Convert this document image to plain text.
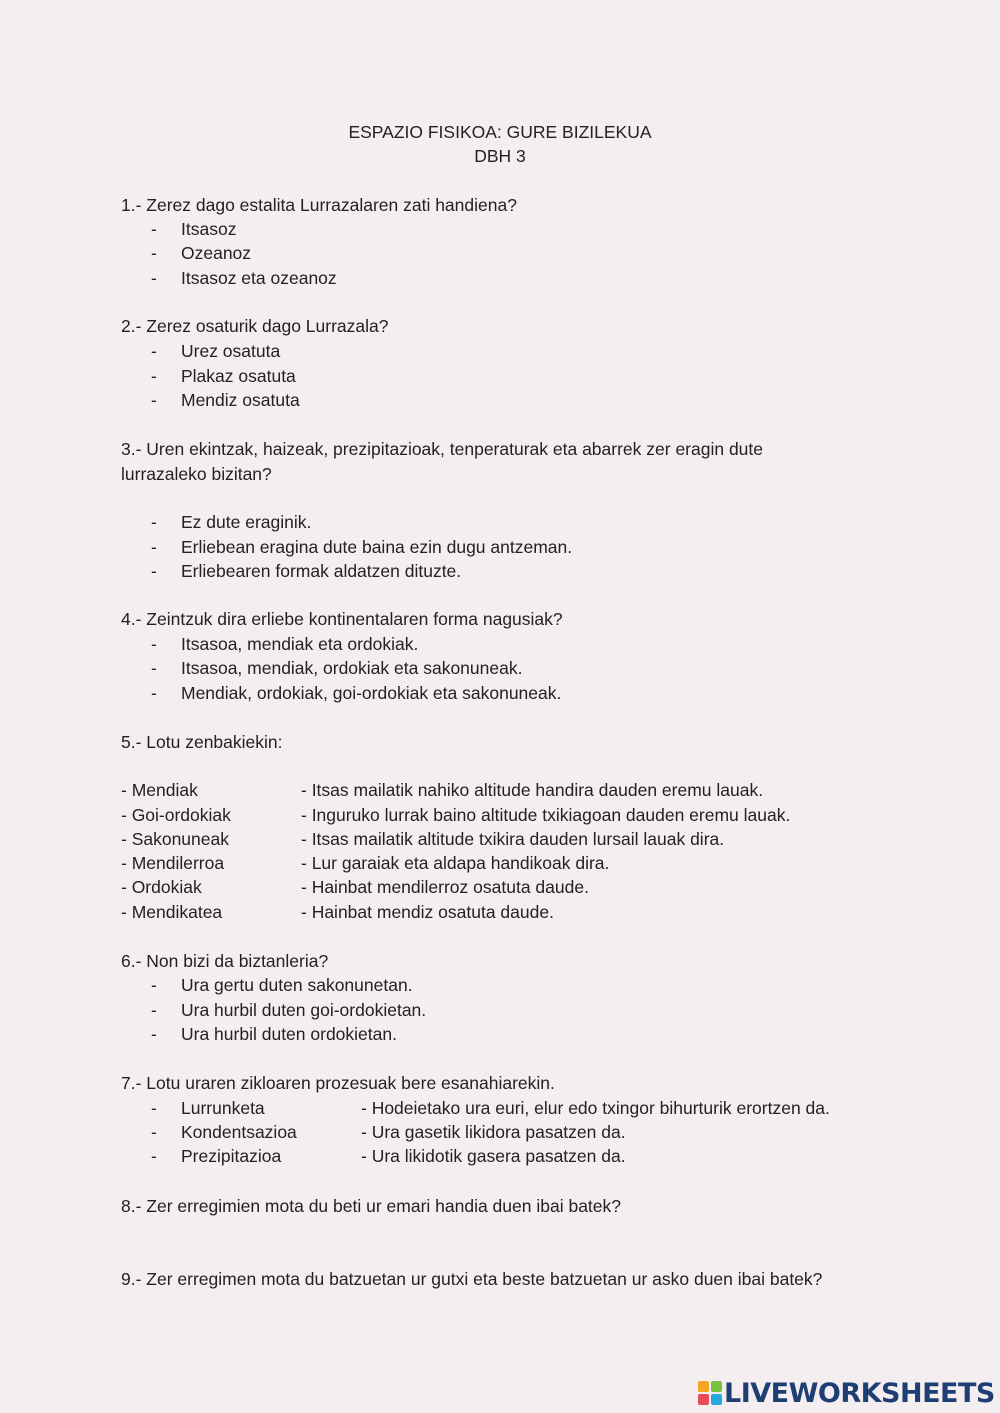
ESPAZIO FISIKOA: GURE BIZILEKUA
DBH 3
1.- Zerez dago estalita Lurrazalaren zati handiena?
- Itsasoz
- Ozeanoz
- Itsasoz eta ozeanoz
2.- Zerez osaturik dago Lurrazala?
- Urez osatuta
- Plakaz osatuta
- Mendiz osatuta
3.- Uren ekintzak, haizeak, prezipitazioak, tenperaturak eta abarrek zer eragin dute
lurrazaleko bizitan?
- Ez dute eraginik.
- Erliebean eragina dute baina ezin dugu antzeman.
- Erliebearen formak aldatzen dituzte.
4.- Zeintzuk dira erliebe kontinentalaren forma nagusiak?
- Itsasoa, mendiak eta ordokiak.
- Itsasoa, mendiak, ordokiak eta sakonuneak.
- Mendiak, ordokiak, goi-ordokiak eta sakonuneak.
5.- Lotu zenbakiekin:
- Mendiak	- Itsas mailatik nahiko altitude handira dauden eremu lauak.
- Goi-ordokiak	- Inguruko lurrak baino altitude txikiagoan dauden eremu lauak.
- Sakonuneak	- Itsas mailatik altitude txikira dauden lursail lauak dira.
- Mendilerroa	- Lur garaiak eta aldapa handikoak dira.
- Ordokiak	- Hainbat mendilerroz osatuta daude.
- Mendikatea	- Hainbat mendiz osatuta daude.
6.- Non bizi da biztanleria?
- Ura gertu duten sakonunetan.
- Ura hurbil duten goi-ordokietan.
- Ura hurbil duten ordokietan.
7.- Lotu uraren zikloaren prozesuak bere esanahiarekin.
- Lurrunketa	- Hodeietako ura euri, elur edo txingor bihurturik erortzen da.
- Kondentsazioa	- Ura gasetik likidora pasatzen da.
- Prezipitazioa	- Ura likidotik gasera pasatzen da.
8.- Zer erregimien mota du beti ur emari handia duen ibai batek?
9.- Zer erregimen mota du batzuetan ur gutxi eta beste batzuetan ur asko duen ibai batek?
LIVEWORKSHEETS
